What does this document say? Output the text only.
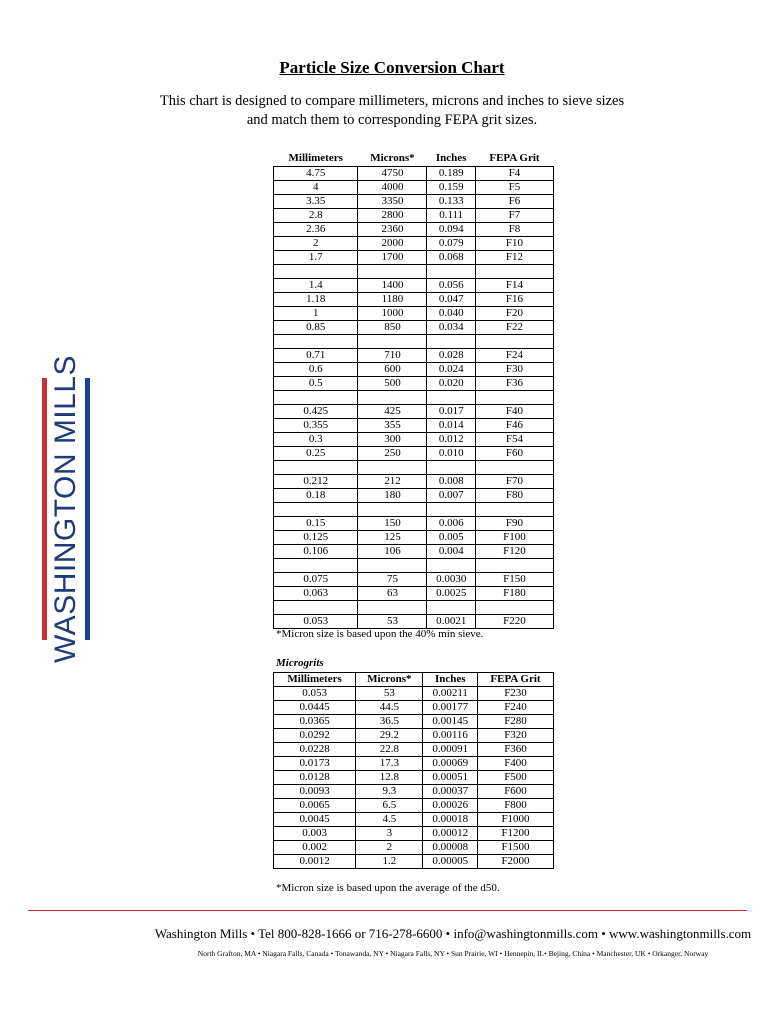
Particle Size Conversion Chart
This chart is designed to compare millimeters, microns and inches to sieve sizes
and match them to corresponding FEPA grit sizes.
WASHINGTON MILLS
Millimeters	Microns*	Inches	FEPA Grit
4.75	4750	0.189	F4
4	4000	0.159	F5
3.35	3350	0.133	F6
2.8	2800	0.111	F7
2.36	2360	0.094	F8
2	2000	0.079	F10
1.7	1700	0.068	F12

1.4	1400	0.056	F14
1.18	1180	0.047	F16
1	1000	0.040	F20
0.85	850	0.034	F22

0.71	710	0.028	F24
0.6	600	0.024	F30
0.5	500	0.020	F36

0.425	425	0.017	F40
0.355	355	0.014	F46
0.3	300	0.012	F54
0.25	250	0.010	F60

0.212	212	0.008	F70
0.18	180	0.007	F80

0.15	150	0.006	F90
0.125	125	0.005	F100
0.106	106	0.004	F120

0.075	75	0.0030	F150
0.063	63	0.0025	F180

0.053	53	0.0021	F220
*Micron size is based upon the 40% min sieve.
Microgrits
Millimeters	Microns*	Inches	FEPA Grit
0.053	53	0.00211	F230
0.0445	44.5	0.00177	F240
0.0365	36.5	0.00145	F280
0.0292	29.2	0.00116	F320
0.0228	22.8	0.00091	F360
0.0173	17.3	0.00069	F400
0.0128	12.8	0.00051	F500
0.0093	9.3	0.00037	F600
0.0065	6.5	0.00026	F800
0.0045	4.5	0.00018	F1000
0.003	3	0.00012	F1200
0.002	2	0.00008	F1500
0.0012	1.2	0.00005	F2000
*Micron size is based upon the average of the d50.
Washington Mills • Tel 800-828-1666 or 716-278-6600 • info@washingtonmills.com • www.washingtonmills.com
North Grafton, MA • Niagara Falls, Canada • Tonawanda, NY • Niagara Falls, NY • Sun Prairie, WI • Hennepin, IL• Bejing, China • Manchester, UK • Orkanger, Norway
